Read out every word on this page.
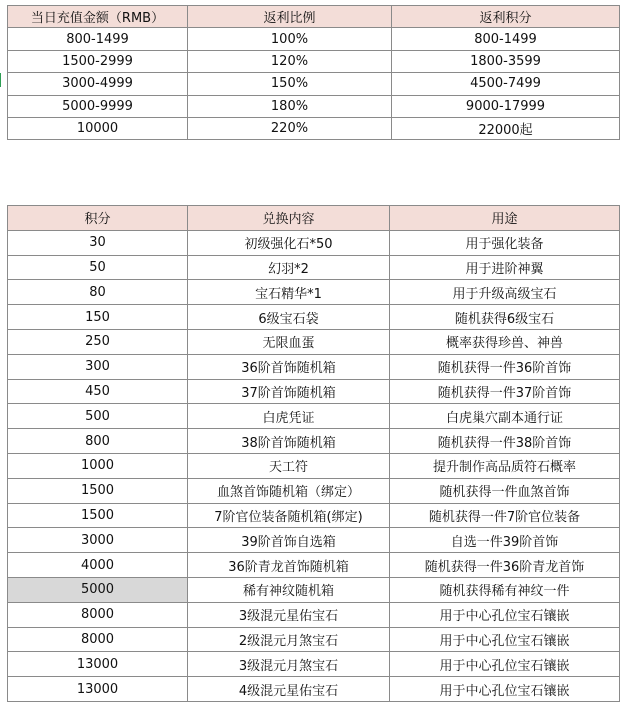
当日充值金额（RMB）	返利比例	返利积分
800-1499	100%	800-1499
1500-2999	120%	1800-3599
3000-4999	150%	4500-7499
5000-9999	180%	9000-17999
10000	220%	22000起
积分	兑换内容	用途
30	初级强化石*50	用于强化装备
50	幻羽*2	用于进阶神翼
80	宝石精华*1	用于升级高级宝石
150	6级宝石袋	随机获得6级宝石
250	无限血蛋	概率获得珍兽、神兽
300	36阶首饰随机箱	随机获得一件36阶首饰
450	37阶首饰随机箱	随机获得一件37阶首饰
500	白虎凭证	白虎巢穴副本通行证
800	38阶首饰随机箱	随机获得一件38阶首饰
1000	天工符	提升制作高品质符石概率
1500	血煞首饰随机箱（绑定）	随机获得一件血煞首饰
1500	7阶官位装备随机箱(绑定)	随机获得一件7阶官位装备
3000	39阶首饰自选箱	自选一件39阶首饰
4000	36阶青龙首饰随机箱	随机获得一件36阶青龙首饰
5000	稀有神纹随机箱	随机获得稀有神纹一件
8000	3级混元星佑宝石	用于中心孔位宝石镶嵌
8000	2级混元月煞宝石	用于中心孔位宝石镶嵌
13000	3级混元月煞宝石	用于中心孔位宝石镶嵌
13000	4级混元星佑宝石	用于中心孔位宝石镶嵌
